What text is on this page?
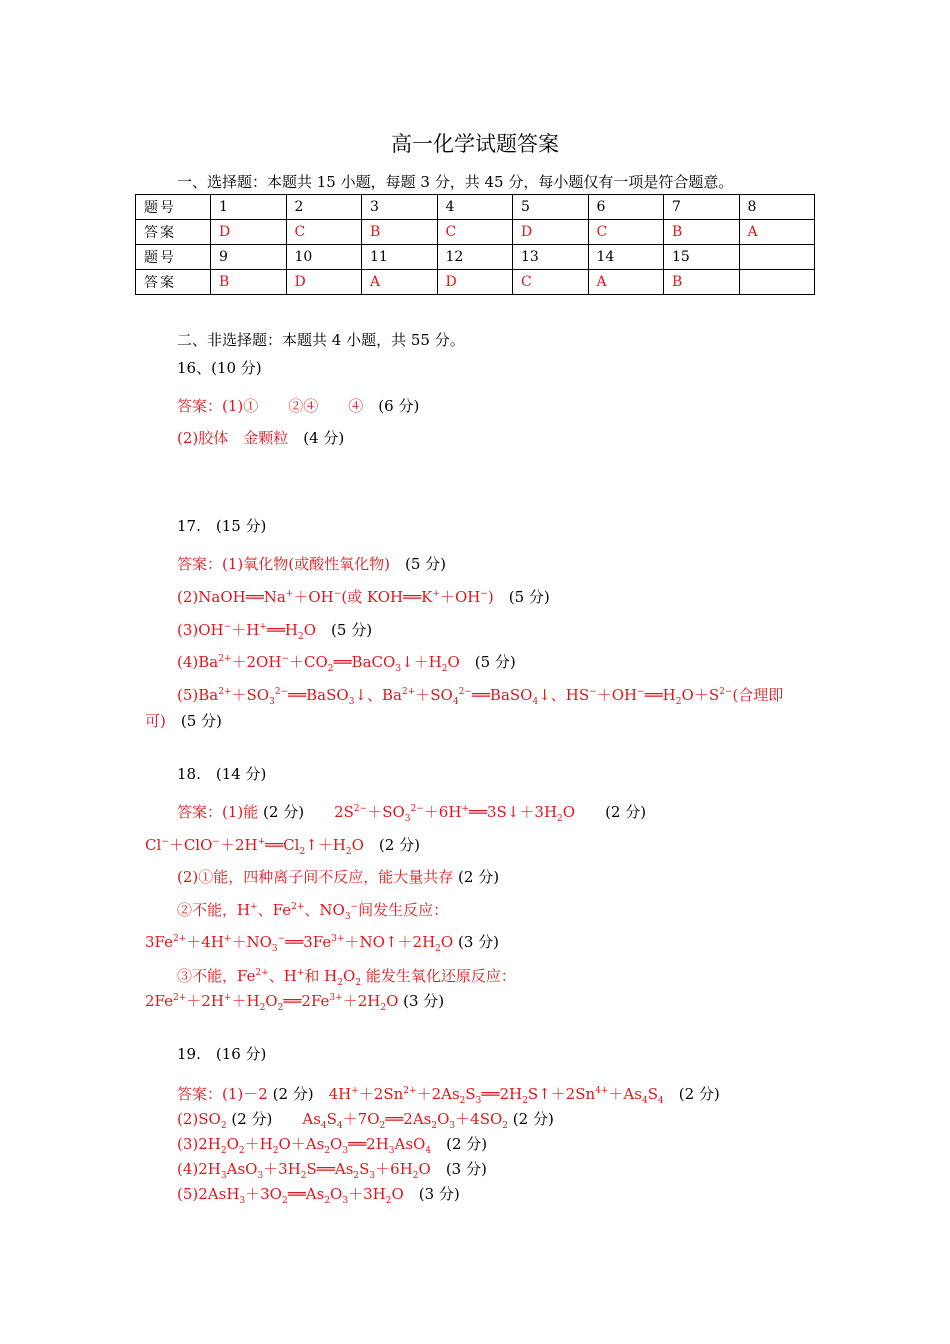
高一化学试题答案
一、选择题：本题共 15 小题，每题 3 分，共 45 分，每小题仅有一项是符合题意。
题号	1	2	3	4	5	6	7	8
答案	D	C	B	C	D	C	B	A
题号	9	10	11	12	13	14	15	
答案	B	D	A	D	C	A	B	
二、非选择题：本题共 4 小题，共 55 分。
16、(10 分)
答案：(1)①　　②④　　④　 (6 分)
(2)胶体　金颗粒　 (4 分)
17.　(15 分)
答案：(1)氧化物(或酸性氧化物)　 (5 分)
(2)NaOH══Na+＋OH−(或 KOH══K+＋OH−)　(5 分)
$(3)OH^-+H^+══H_2O$　(5 分)
$(4)Ba^{2+}+2OH^-+CO_2══BaCO_3↓+H_2O$　(5 分)
$(5)Ba^{2+}+SO_3^{2-}══BaSO_3↓$、$Ba^{2+}+SO_4^{2-}══BaSO_4↓$、$HS^-+OH^-══H_2O+S^{2-}$(合理即
可)　 (5 分)
18.　(14 分)
答案：(1)能 (2 分)　　$2S^{2-}+SO_3^{2-}+6H^+══3S↓+3H_2O$　　(2 分)
$Cl^-+ClO^-+2H^+══Cl_2↑+H_2O$　(2 分)
(2)①能，四种离子间不反应，能大量共存 (2 分)
②不能，H+、$Fe^{2+}$、$NO_3^-$间发生反应：
$3Fe^{2+}+4H^++NO_3^-══3Fe^{3+}+NO↑+2H_2O$ (3 分)
③不能，$Fe^{2+}$、H+和 $H_2O_2$ 能发生氧化还原反应：
$2Fe^{2+}+2H^++H_2O_2══2Fe^{3+}+2H_2O$ (3 分)
19.　(16 分)
答案：(1)－2 (2 分)　$4H^++2Sn^{2+}+2As_2S_3══2H_2S↑+2Sn^{4+}+As_4S_4$　 (2 分)
$(2)SO_2$ (2 分)　　$As_4S_4+7O_2══2As_2O_3+4SO_2$ (2 分)
$(3)2H_2O_2+H_2O+As_2O_3══2H_3AsO_4$　 (2 分)
$(4)2H_3AsO_3+3H_2S══As_2S_3+6H_2O$　(3 分)
$(5)2AsH_3+3O_2══As_2O_3+3H_2O$　(3 分)
